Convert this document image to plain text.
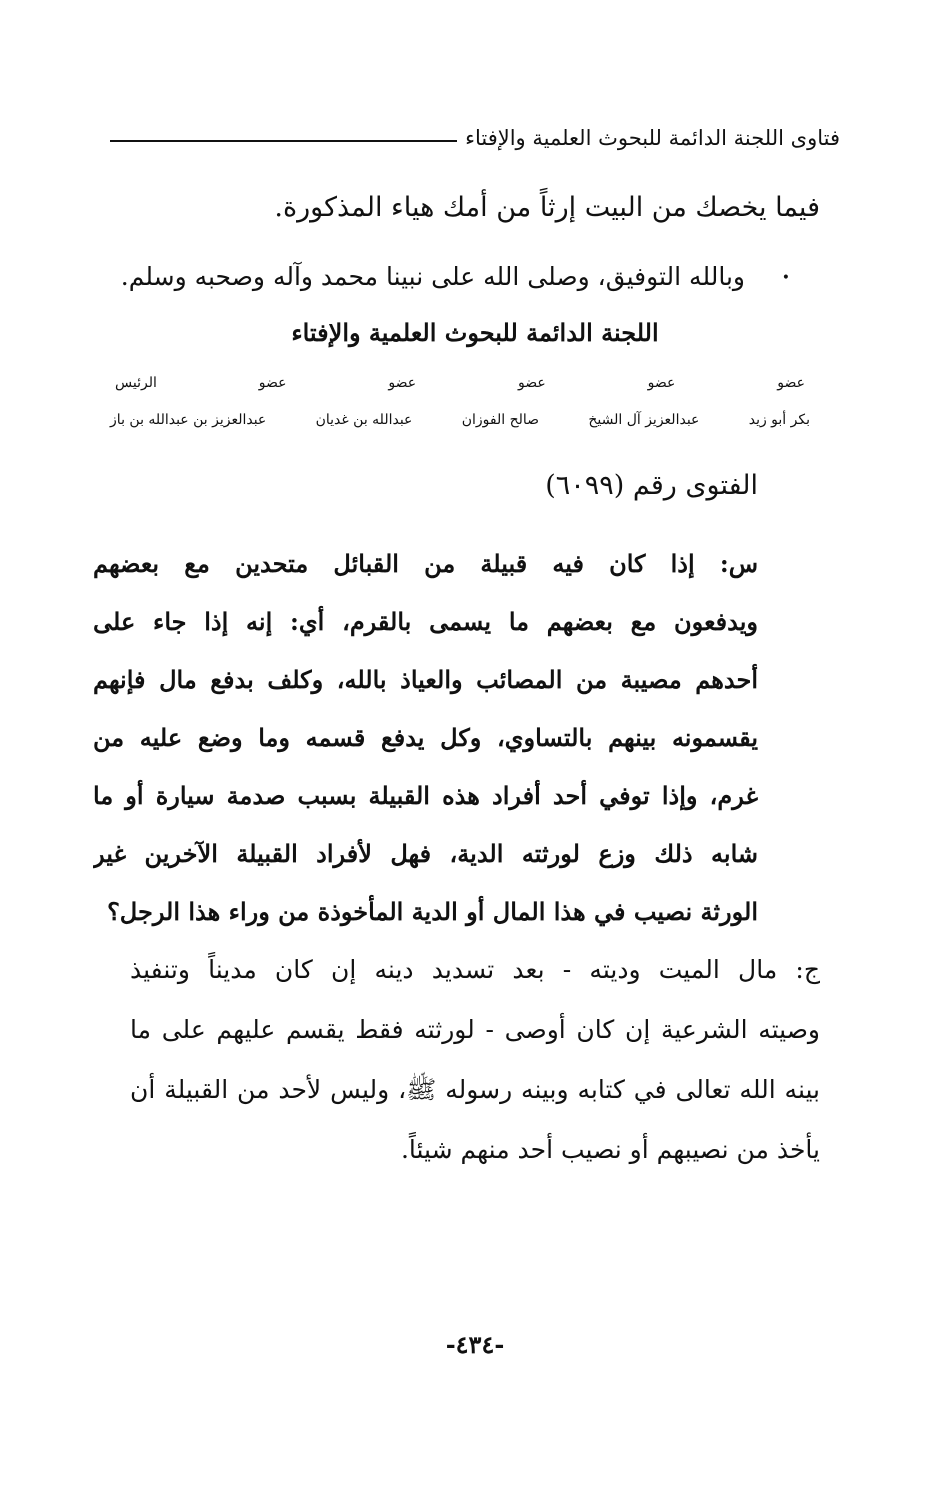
فتاوى اللجنة الدائمة للبحوث العلمية والإفتاء
فيما يخصك من البيت إرثاً من أمك هياء المذكورة.
•
وبالله التوفيق، وصلى الله على نبينا محمد وآله وصحبه وسلم.
اللجنة الدائمة للبحوث العلمية والإفتاء
عضو
عضو
عضو
عضو
عضو
الرئيس
بكر أبو زيد
عبدالعزيز آل الشيخ
صالح الفوزان
عبدالله بن غديان
عبدالعزيز بن عبدالله بن باز
الفتوى رقم (٦٠٩٩)
س: إذا كان فيه قبيلة من القبائل متحدين مع بعضهم
ويدفعون مع بعضهم ما يسمى بالقرم، أي: إنه إذا جاء على
أحدهم مصيبة من المصائب والعياذ بالله، وكلف بدفع مال فإنهم
يقسمونه بينهم بالتساوي، وكل يدفع قسمه وما وضع عليه من
غرم، وإذا توفي أحد أفراد هذه القبيلة بسبب صدمة سيارة أو ما
شابه ذلك وزع لورثته الدية، فهل لأفراد القبيلة الآخرين غير
الورثة نصيب في هذا المال أو الدية المأخوذة من وراء هذا الرجل؟
ج: مال الميت وديته - بعد تسديد دينه إن كان مديناً وتنفيذ
وصيته الشرعية إن كان أوصى - لورثته فقط يقسم عليهم على ما
بينه الله تعالى في كتابه وبينه رسوله ﷺ، وليس لأحد من القبيلة أن
يأخذ من نصيبهم أو نصيب أحد منهم شيئاً.
-٤٣٤-
